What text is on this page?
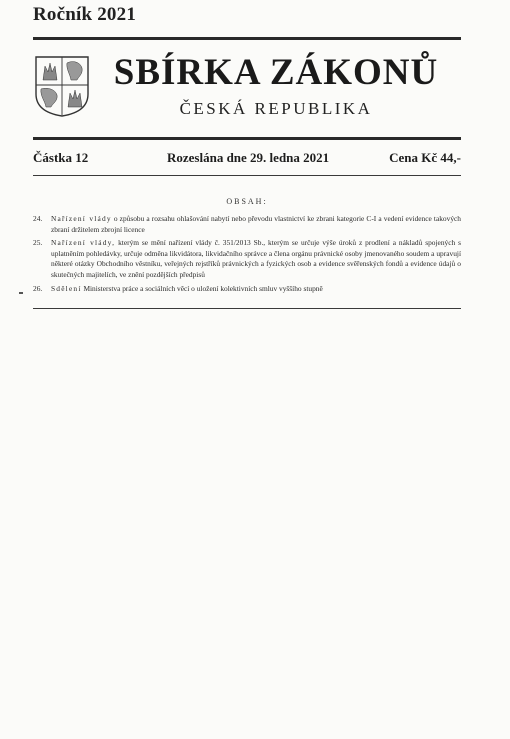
Ročník 2021
SBÍRKA ZÁKONŮ
ČESKÁ REPUBLIKA
Částka 12	Rozeslána dne 29. ledna 2021	Cena Kč 44,-
OBSAH:
24.	Nařízení vlády o způsobu a rozsahu ohlašování nabytí nebo převodu vlastnictví ke zbrani kategorie C-I a vedení evidence takových zbraní držitelem zbrojní licence
25.	Nařízení vlády, kterým se mění nařízení vlády č. 351/2013 Sb., kterým se určuje výše úroků z prodlení a nákladů spojených s uplatněním pohledávky, určuje odměna likvidátora, likvidačního správce a člena orgánu právnické osoby jmenovaného soudem a upravují některé otázky Obchodního věstníku, veřejných rejstříků právnických a fyzických osob a evidence svěřenských fondů a evidence údajů o skutečných majitelích, ve znění pozdějších předpisů
26.	Sdělení Ministerstva práce a sociálních věcí o uložení kolektivních smluv vyššího stupně
